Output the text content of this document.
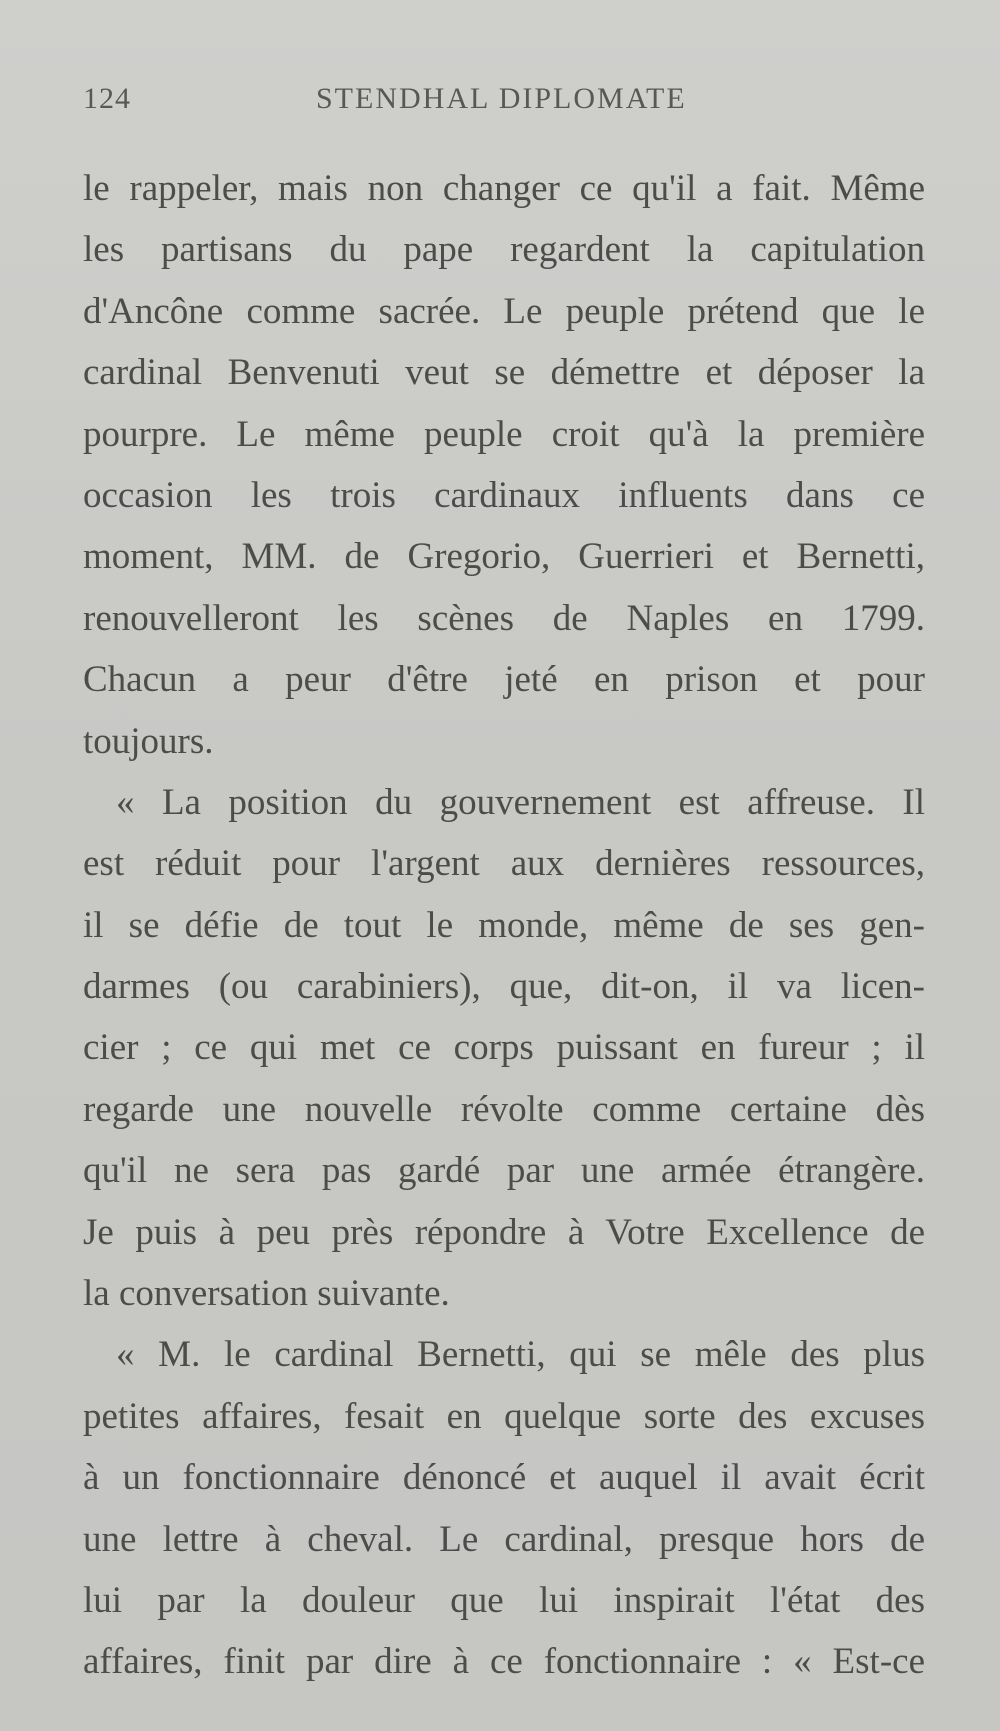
124	STENDHAL DIPLOMATE

le rappeler, mais non changer ce qu'il a fait. Même
les partisans du pape regardent la capitulation
d'Ancône comme sacrée. Le peuple prétend que le
cardinal Benvenuti veut se démettre et déposer la
pourpre. Le même peuple croit qu'à la première
occasion les trois cardinaux influents dans ce
moment, MM. de Gregorio, Guerrieri et Bernetti,
renouvelleront les scènes de Naples en 1799.
Chacun a peur d'être jeté en prison et pour
toujours.

« La position du gouvernement est affreuse. Il
est réduit pour l'argent aux dernières ressources,
il se défie de tout le monde, même de ses gen-
darmes (ou carabiniers), que, dit-on, il va licen-
cier ; ce qui met ce corps puissant en fureur ; il
regarde une nouvelle révolte comme certaine dès
qu'il ne sera pas gardé par une armée étrangère.
Je puis à peu près répondre à Votre Excellence de
la conversation suivante.

« M. le cardinal Bernetti, qui se mêle des plus
petites affaires, fesait en quelque sorte des excuses
à un fonctionnaire dénoncé et auquel il avait écrit
une lettre à cheval. Le cardinal, presque hors de
lui par la douleur que lui inspirait l'état des
affaires, finit par dire à ce fonctionnaire : « Est-ce
